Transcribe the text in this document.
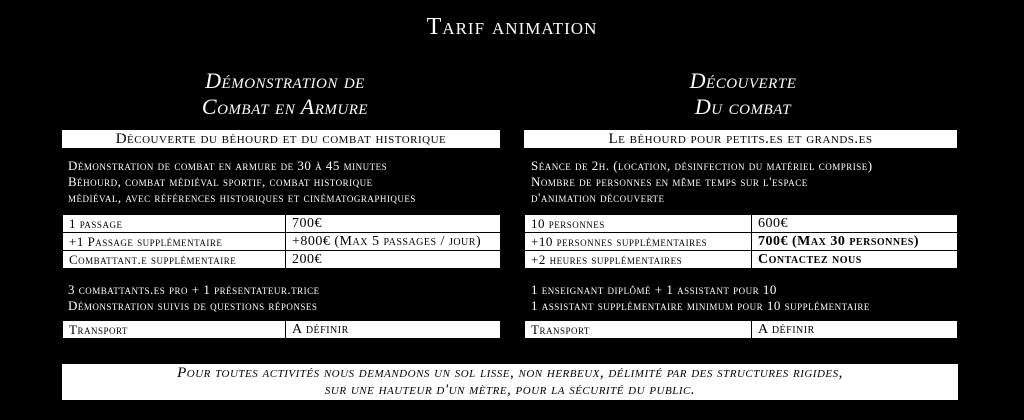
Tarif animation
Démonstration de
Combat en Armure
Découverte
Du combat
Découverte du béhourd et du combat historique	Le béhourd pour petits.es et grands.es
Démonstration de combat en armure de 30 à 45 minutes
Béhourd, combat médiéval sportif, combat historique
médiéval, avec références historiques et cinématographiques
Séance de 2h. (location, désinfection du matériel comprise)
Nombre de personnes en même temps sur l'espace
d'animation découverte
1 passage	700€
+1 Passage supplémentaire	+800€ (Max 5 passages / jour)
Combattant.e supplémentaire	200€
10 personnes	600€
+10 personnes supplémentaires	700€ (Max 30 personnes)
+2 heures supplémentaires	Contactez nous
3 combattants.es pro + 1 présentateur.trice
Démonstration suivis de questions réponses
1 enseignant diplômé + 1 assistant pour 10
1 assistant supplémentaire minimum pour 10 supplémentaire
Transport	A définir	Transport	A définir
Pour toutes activités nous demandons un sol lisse, non herbeux, délimité par des structures rigides,
sur une hauteur d'un mètre, pour la sécurité du public.
